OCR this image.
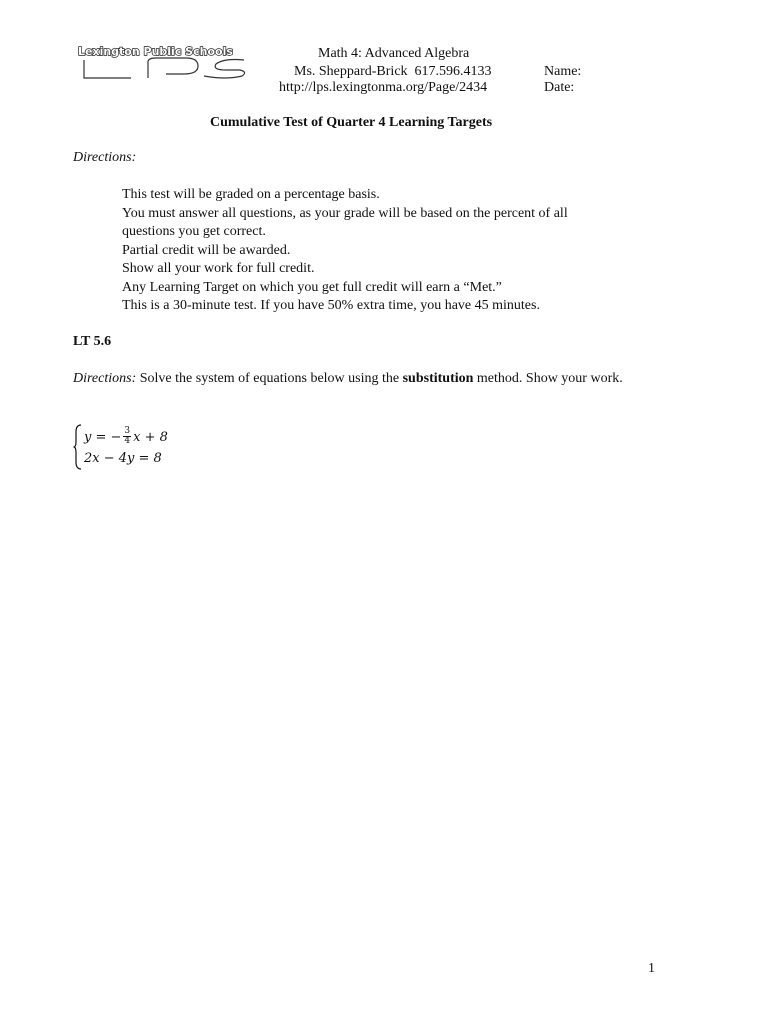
Lexington Public Schools	Math 4: Advanced Algebra
Ms. Sheppard-Brick  617.596.4133
http://lps.lexingtonma.org/Page/2434
Name:
Date:
Cumulative Test of Quarter 4 Learning Targets
Directions:
This test will be graded on a percentage basis.
You must answer all questions, as your grade will be based on the percent of all questions you get correct.
Partial credit will be awarded.
Show all your work for full credit.
Any Learning Target on which you get full credit will earn a “Met.”
This is a 30-minute test. If you have 50% extra time, you have 45 minutes.
LT 5.6
Directions: Solve the system of equations below using the substitution method. Show your work.
y = − $\frac{3}{4}$ x + 8
2x − 4y = 8
1
